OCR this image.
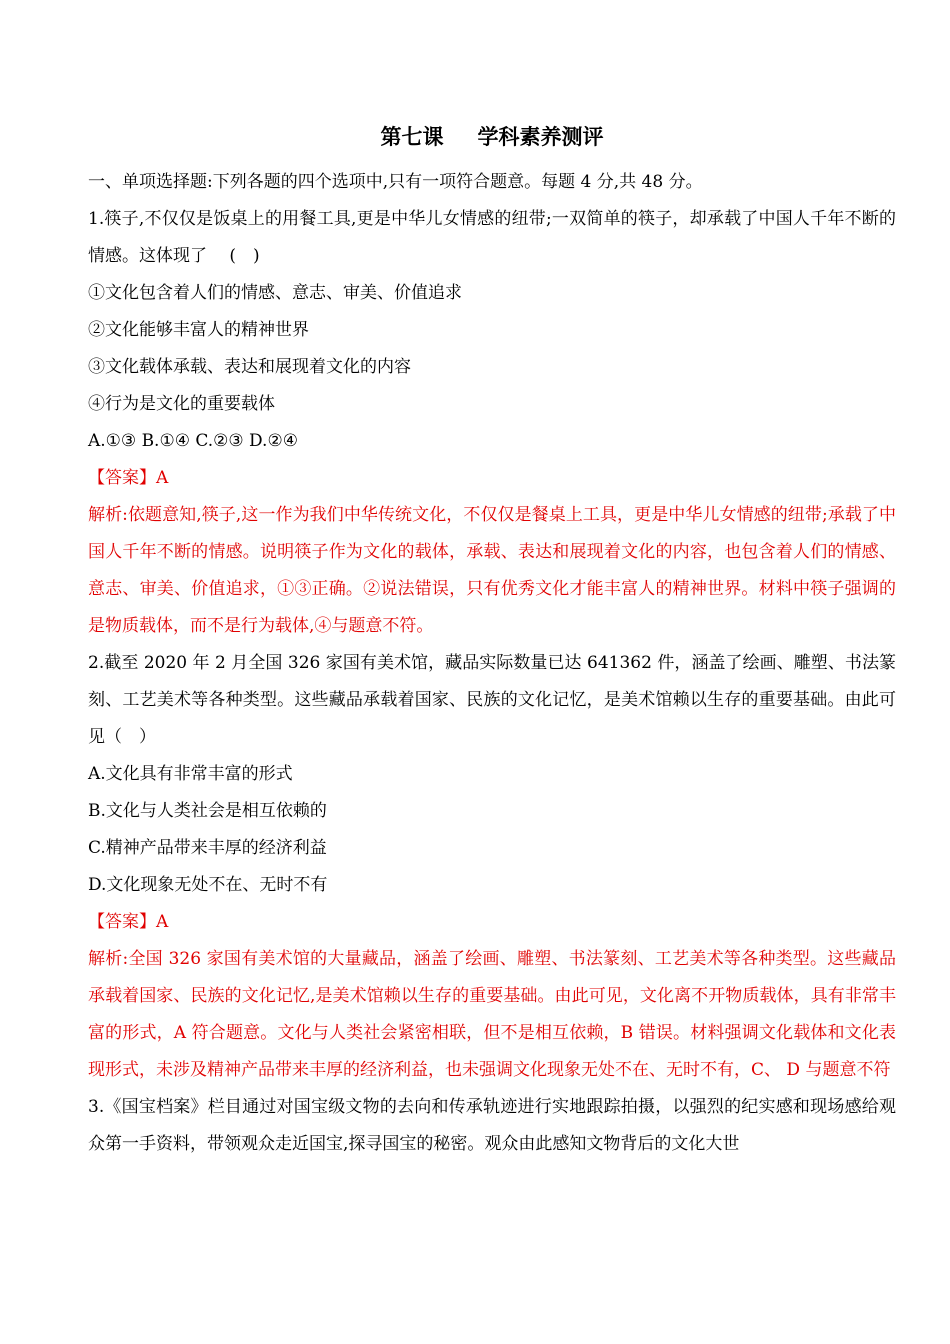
第七课 学科素养测评

一、单项选择题:下列各题的四个选项中,只有一项符合题意。每题 4 分,共 48 分。

1.筷子,不仅仅是饭桌上的用餐工具,更是中华儿女情感的纽带;一双简单的筷子，却承载了中国人千年不断的情感。这体现了　 (　)

①文化包含着人们的情感、意志、审美、价值追求

②文化能够丰富人的精神世界

③文化载体承载、表达和展现着文化的内容

④行为是文化的重要载体

A.①③ B.①④ C.②③ D.②④

【答案】A

解析:依题意知,筷子,这一作为我们中华传统文化，不仅仅是餐桌上工具，更是中华儿女情感的纽带;承载了中国人千年不断的情感。说明筷子作为文化的载体，承载、表达和展现着文化的内容，也包含着人们的情感、意志、审美、价值追求，①③正确。②说法错误，只有优秀文化才能丰富人的精神世界。材料中筷子强调的是物质载体，而不是行为载体,④与题意不符。

2.截至 2020 年 2 月全国 326 家国有美术馆，藏品实际数量已达 641362 件，涵盖了绘画、雕塑、书法篆刻、工艺美术等各种类型。这些藏品承载着国家、民族的文化记忆，是美术馆赖以生存的重要基础。由此可见（　）

A.文化具有非常丰富的形式

B.文化与人类社会是相互依赖的

C.精神产品带来丰厚的经济利益

D.文化现象无处不在、无时不有

【答案】A

解析:全国 326 家国有美术馆的大量藏品，涵盖了绘画、雕塑、书法篆刻、工艺美术等各种类型。这些藏品承载着国家、民族的文化记忆,是美术馆赖以生存的重要基础。由此可见，文化离不开物质载体，具有非常丰富的形式，A 符合题意。文化与人类社会紧密相联，但不是相互依赖，B 错误。材料强调文化载体和文化表现形式，未涉及精神产品带来丰厚的经济利益，也未强调文化现象无处不在、无时不有，C、 D 与题意不符

3.《国宝档案》栏目通过对国宝级文物的去向和传承轨迹进行实地跟踪拍摄，以强烈的纪实感和现场感给观众第一手资料，带领观众走近国宝,探寻国宝的秘密。观众由此感知文物背后的文化大世
